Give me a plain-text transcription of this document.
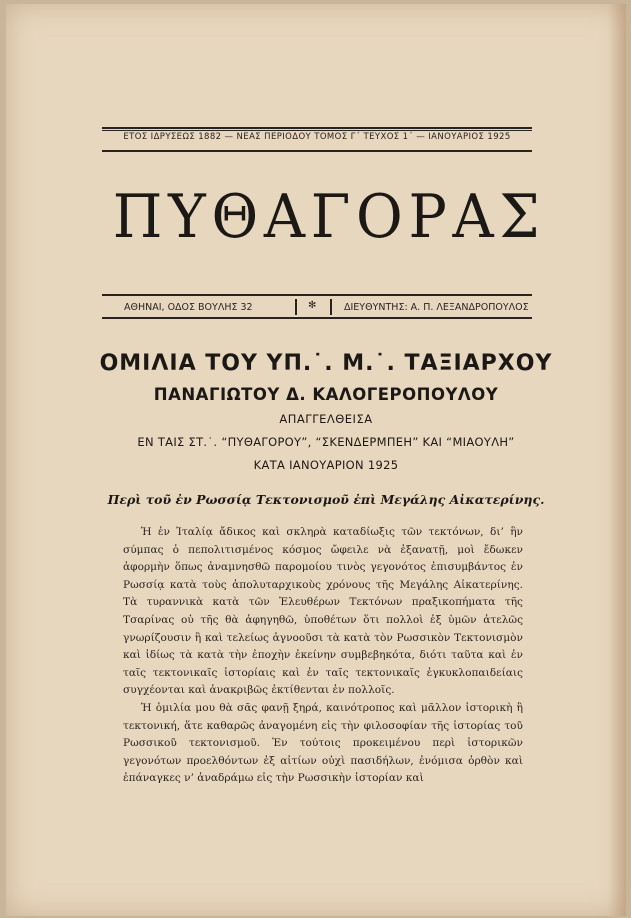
ΕΤΟΣ ΙΔΡΥΣΕΩΣ 1882 — ΝΕΑΣ ΠΕΡΙΟΔΟΥ ΤΟΜΟΣ Γ΄ ΤΕΥΧΟΣ 1΄ — ΙΑΝΟΥΑΡΙΟΣ 1925
ΠΥΘΑΓΟΡΑΣ
ΑΘΗΝΑΙ, ΟΔΟΣ ΒΟΥΛΗΣ 32	✻	ΔΙΕΥΘΥΝΤΗΣ: Α. Π. ΛΕΞΑΝΔΡΟΠΟΥΛΟΣ
ΟΜΙΛΙΑ ΤΟΥ ΥΠ.˙. Μ.˙. ΤΑΞΙΑΡΧΟΥ
ΠΑΝΑΓΙΩΤΟΥ Δ. ΚΑΛΟΓΕΡΟΠΟΥΛΟΥ
ΑΠΑΓΓΕΛΘΕΙΣΑ
ΕΝ ΤΑΙΣ ΣΤ.˙. “ΠΥΘΑΓΟΡΟΥ”, “ΣΚΕΝΔΕΡΜΠΕΗ” ΚΑΙ “ΜΙΑΟΥΛΗ”
ΚΑΤΑ ΙΑΝΟΥΑΡΙΟΝ 1925
Περὶ τοῦ ἐν Ρωσσίᾳ Τεκτονισμοῦ ἐπὶ Μεγάλης Αἰκατερίνης.

Ἡ ἐν Ἰταλίᾳ ἄδικος καὶ σκληρὰ καταδίωξις τῶν τεκτόνων, δι’ ἣν σύμπας ὁ πεπολιτισμένος κόσμος ὤφειλε νὰ ἐξανατῇ, μοὶ ἔδωκεν ἀφορμὴν ὅπως ἀναμνησθῶ παρομοίου τινὸς γεγονότος ἐπισυμβάντος ἐν Ρωσσίᾳ κατὰ τοὺς ἀπολυταρχικοὺς χρόνους τῆς Μεγάλης Αἰκατερίνης. Τὰ τυραννικὰ κατὰ τῶν Ἐλευθέρων Τεκτόνων πραξικοπήματα τῆς Τσαρίνας οὐ τῆς θὰ ἀφηγηθῶ, ὑποθέτων ὅτι πολλοὶ ἐξ ὑμῶν ἀτελῶς γνωρίζουσιν ἢ καὶ τελείως ἀγνοοῦσι τὰ κατὰ τὸν Ρωσσικὸν Τεκτονισμὸν καὶ ἰδίως τὰ κατὰ τὴν ἐποχὴν ἐκείνην συμβεβηκότα, διότι ταῦτα καὶ ἐν ταῖς τεκτονικαῖς ἱστορίαις καὶ ἐν ταῖς τεκτονικαῖς ἐγκυκλοπαιδείαις συγχέονται καὶ ἀνακριβῶς ἐκτίθενται ἐν πολλοῖς.

Ἡ ὁμιλία μου θὰ σᾶς φανῇ ξηρά, καινότροπος καὶ μᾶλλον ἱστορικὴ ἢ τεκτονική, ἅτε καθαρῶς ἀναγομένη εἰς τὴν φιλοσοφίαν τῆς ἱστορίας τοῦ Ρωσσικοῦ τεκτονισμοῦ. Ἐν τούτοις προκειμένου περὶ ἱστορικῶν γεγονότων προελθόντων ἐξ αἰτίων οὐχὶ πασιδήλων, ἐνόμισα ὀρθὸν καὶ ἐπάναγκες ν’ ἀναδράμω εἰς τὴν Ρωσσικὴν ἱστορίαν καὶ
